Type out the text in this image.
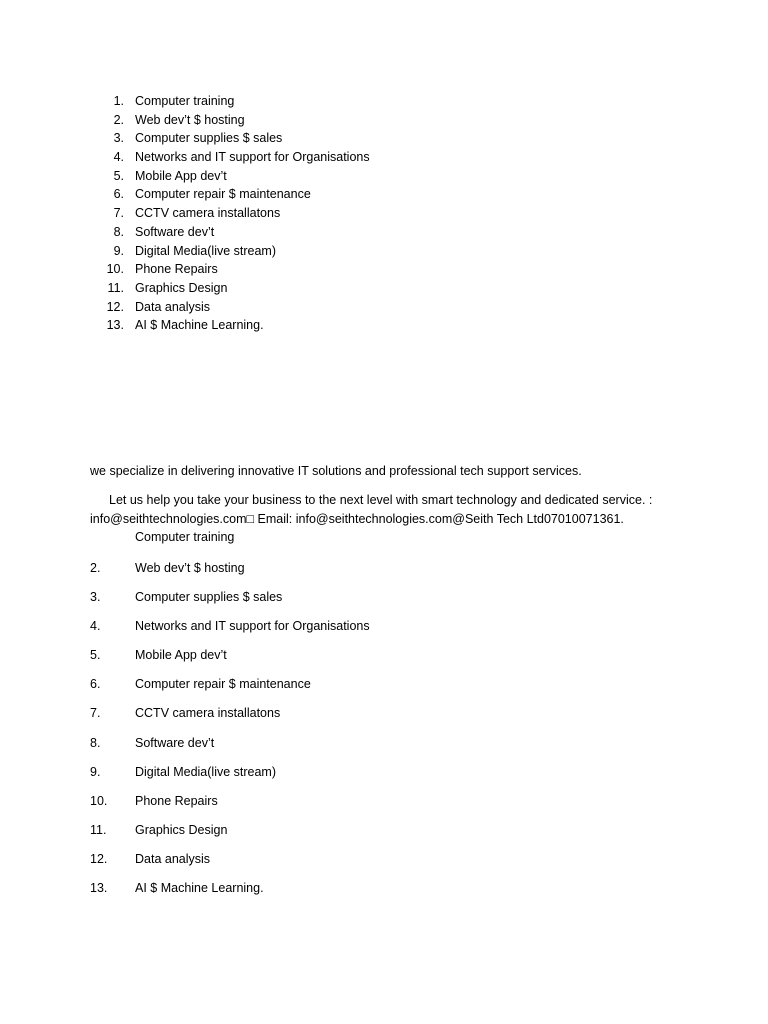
1. Computer training
2. Web dev’t $ hosting
3. Computer supplies $ sales
4. Networks and IT support for Organisations
5. Mobile App dev’t
6. Computer repair $ maintenance
7. CCTV camera installatons
8. Software dev’t
9. Digital Media(live stream)
10. Phone Repairs
11. Graphics Design
12. Data analysis
13. AI $ Machine Learning.
we specialize in delivering innovative IT solutions and professional tech support services.
Let us help you take your business to the next level with smart technology and dedicated service. :
info@seithtechnologies.com□ Email: info@seithtechnologies.com@Seith Tech Ltd07010071361.
Computer training
2.	Web dev’t $ hosting
3.	Computer supplies $ sales
4.	Networks and IT support for Organisations
5.	Mobile App dev’t
6.	Computer repair $ maintenance
7.	CCTV camera installatons
8.	Software dev’t
9.	Digital Media(live stream)
10. Phone Repairs
11. Graphics Design
12. Data analysis
13. AI $ Machine Learning.
